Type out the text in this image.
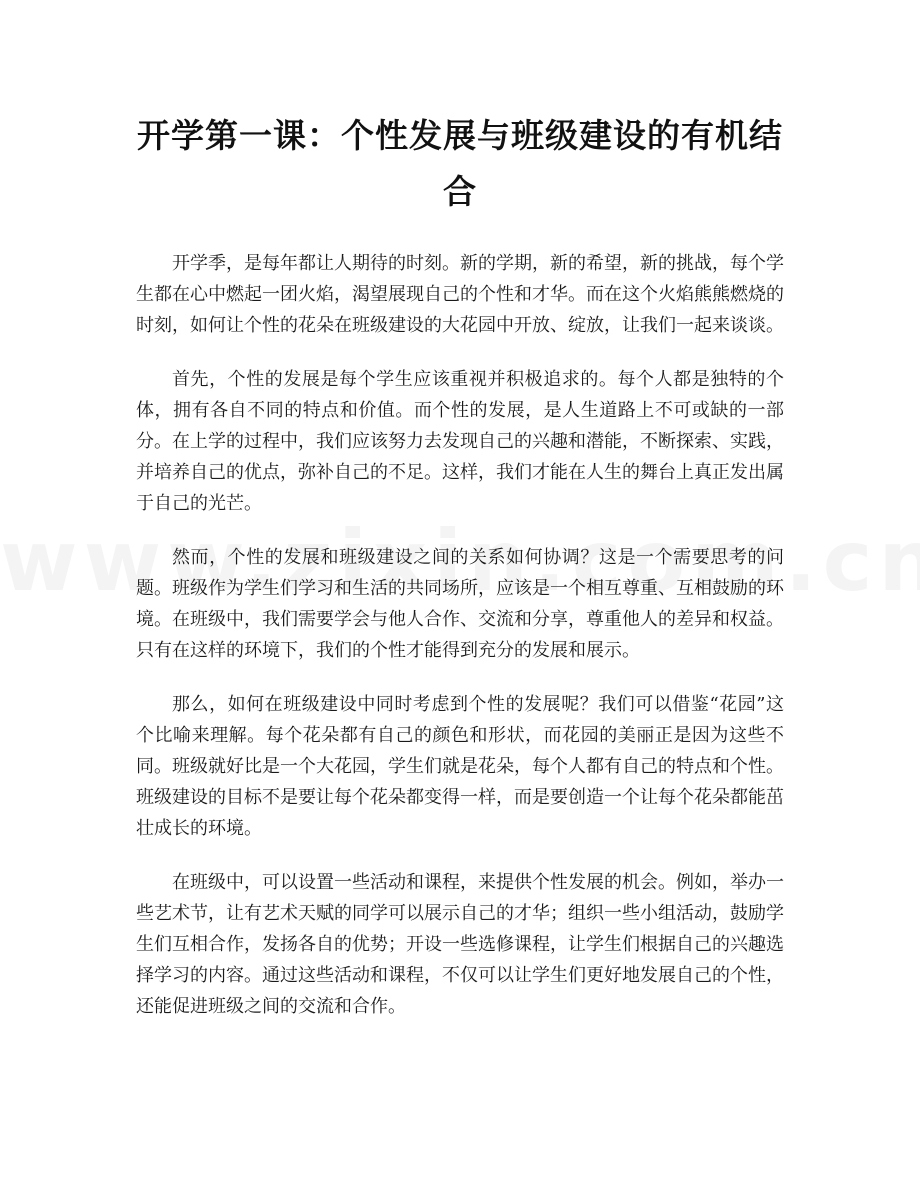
开学第一课：个性发展与班级建设的有机结合

开学季，是每年都让人期待的时刻。新的学期，新的希望，新的挑战，每个学生都在心中燃起一团火焰，渴望展现自己的个性和才华。而在这个火焰熊熊燃烧的时刻，如何让个性的花朵在班级建设的大花园中开放、绽放，让我们一起来谈谈。

首先，个性的发展是每个学生应该重视并积极追求的。每个人都是独特的个体，拥有各自不同的特点和价值。而个性的发展，是人生道路上不可或缺的一部分。在上学的过程中，我们应该努力去发现自己的兴趣和潜能，不断探索、实践，并培养自己的优点，弥补自己的不足。这样，我们才能在人生的舞台上真正发出属于自己的光芒。

然而，个性的发展和班级建设之间的关系如何协调？这是一个需要思考的问题。班级作为学生们学习和生活的共同场所，应该是一个相互尊重、互相鼓励的环境。在班级中，我们需要学会与他人合作、交流和分享，尊重他人的差异和权益。只有在这样的环境下，我们的个性才能得到充分的发展和展示。

那么，如何在班级建设中同时考虑到个性的发展呢？我们可以借鉴“花园”这个比喻来理解。每个花朵都有自己的颜色和形状，而花园的美丽正是因为这些不同。班级就好比是一个大花园，学生们就是花朵，每个人都有自己的特点和个性。班级建设的目标不是要让每个花朵都变得一样，而是要创造一个让每个花朵都能茁壮成长的环境。

在班级中，可以设置一些活动和课程，来提供个性发展的机会。例如，举办一些艺术节，让有艺术天赋的同学可以展示自己的才华；组织一些小组活动，鼓励学生们互相合作，发扬各自的优势；开设一些选修课程，让学生们根据自己的兴趣选择学习的内容。通过这些活动和课程，不仅可以让学生们更好地发展自己的个性，还能促进班级之间的交流和合作。
